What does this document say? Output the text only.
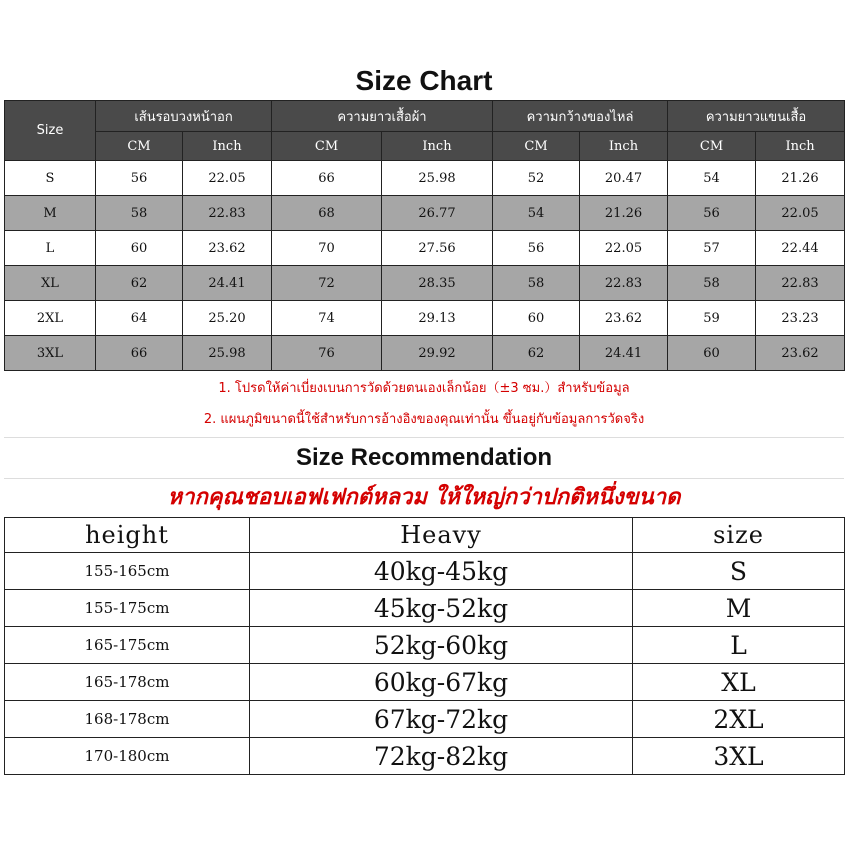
Size Chart
Size	เส้นรอบวงหน้าอก		ความยาวเสื้อผ้า		ความกว้างของไหล่		ความยาวแขนเสื้อ	
	CM	Inch	CM	Inch	CM	Inch	CM	Inch
S	56	22.05	66	25.98	52	20.47	54	21.26
M	58	22.83	68	26.77	54	21.26	56	22.05
L	60	23.62	70	27.56	56	22.05	57	22.44
XL	62	24.41	72	28.35	58	22.83	58	22.83
2XL	64	25.20	74	29.13	60	23.62	59	23.23
3XL	66	25.98	76	29.92	62	24.41	60	23.62
1. โปรดให้ค่าเบี่ยงเบนการวัดด้วยตนเองเล็กน้อย（±3 ซม.）สำหรับข้อมูล
2. แผนภูมิขนาดนี้ใช้สำหรับการอ้างอิงของคุณเท่านั้น ขึ้นอยู่กับข้อมูลการวัดจริง
Size Recommendation
หากคุณชอบเอฟเฟกต์หลวม ให้ใหญ่กว่าปกติหนึ่งขนาด
height	Heavy	size
155-165cm	40kg-45kg	S
155-175cm	45kg-52kg	M
165-175cm	52kg-60kg	L
165-178cm	60kg-67kg	XL
168-178cm	67kg-72kg	2XL
170-180cm	72kg-82kg	3XL
